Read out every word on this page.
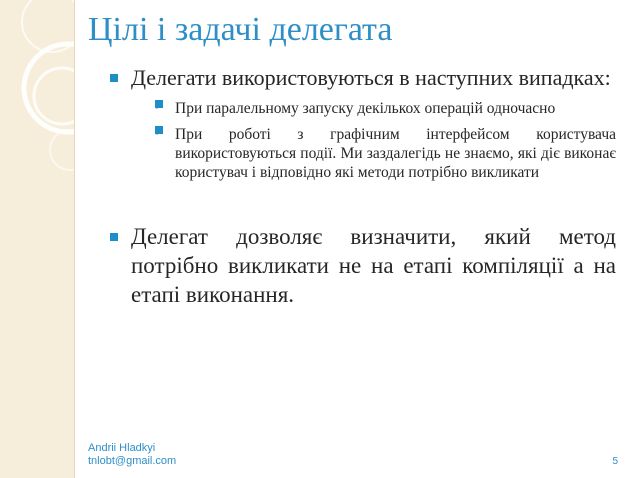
Цілі і задачі делегата
Делегати використовуються в наступних випадках:
◦ При паралельному запуску декількох операцій одночасно
◦ При роботі з графічним інтерфейсом користувача використовуються події. Ми заздалегідь не знаємо, які діє виконає користувач і відповідно які методи потрібно викликати
Делегат дозволяє визначити, який метод потрібно викликати не на етапі компіляції а на етапі виконання.
Andrii Hladkyi
tnlobt@gmail.com	5
